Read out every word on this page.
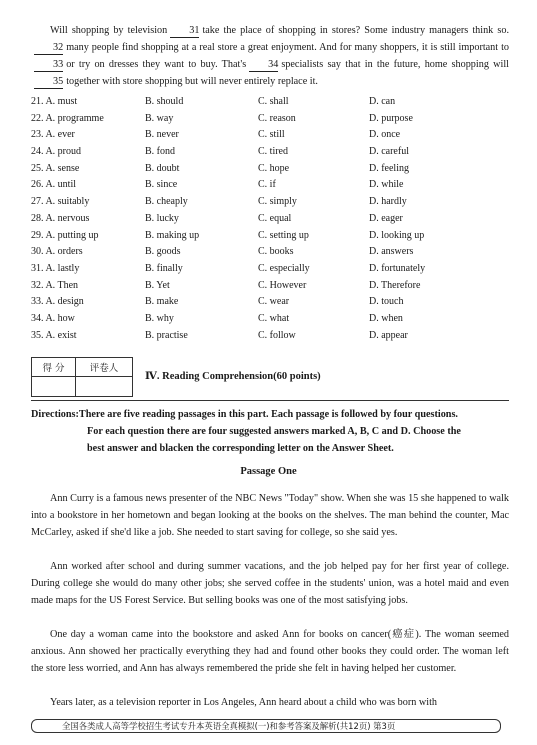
Will shopping by television 31 take the place of shopping in stores? Some industry managers think so.32 many people find shopping at a real store a great enjoyment. And for many shoppers, it is still important to33 or try on dresses they want to buy. That's 34 specialists say that in the future, home shopping will35 together with store shopping but will never entirely replace it.

21. A. must	B. should	C. shall	D. can
22. A. programme	B. way	C. reason	D. purpose
23. A. ever	B. never	C. still	D. once
24. A. proud	B. fond	C. tired	D. careful
25. A. sense	B. doubt	C. hope	D. feeling
26. A. until	B. since	C. if	D. while
27. A. suitably	B. cheaply	C. simply	D. hardly
28. A. nervous	B. lucky	C. equal	D. eager
29. A. putting up	B. making up	C. setting up	D. looking up
30. A. orders	B. goods	C. books	D. answers
31. A. lastly	B. finally	C. especially	D. fortunately
32. A. Then	B. Yet	C. However	D. Therefore
33. A. design	B. make	C. wear	D. touch
34. A. how	B. why	C. what	D. when
35. A. exist	B. practise	C. follow	D. appear
得 分	评卷人
Ⅳ. Reading Comprehension(60 points)
Directions:There are five reading passages in this part. Each passage is followed by four questions.
For each question there are four suggested answers marked A, B, C and D. Choose the
best answer and blacken the corresponding letter on the Answer Sheet.
Passage One

Ann Curry is a famous news presenter of the NBC News "Today" show. When she was 15 she happened to walk into a bookstore in her hometown and began looking at the books on the shelves. The man behind the counter, Mac McCarley, asked if she'd like a job. She needed to start saving for college, so she said yes.

Ann worked after school and during summer vacations, and the job helped pay for her first year of college. During college she would do many other jobs; she served coffee in the students' union, was a hotel maid and even made maps for the US Forest Service. But selling books was one of the most satisfying jobs.

One day a woman came into the bookstore and asked Ann for books on cancer(癌症). The woman seemed anxious. Ann showed her practically everything they had and found other books they could order. The woman left the store less worried, and Ann has always remembered the pride she felt in having helped her customer.

Years later, as a television reporter in Los Angeles, Ann heard about a child who was born with

全国各类成人高等学校招生考试专升本英语全真模拟(一)和参考答案及解析(共12页) 第3页
